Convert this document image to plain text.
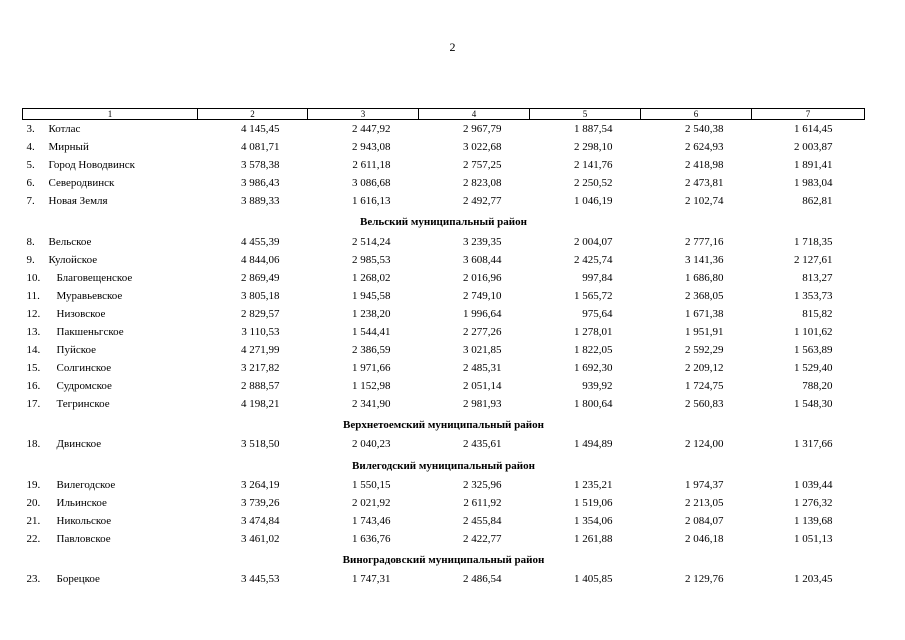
2
1	2	3	4	5	6	7
3. Котлас	4 145,45	2 447,92	2 967,79	1 887,54	2 540,38	1 614,45
4. Мирный	4 081,71	2 943,08	3 022,68	2 298,10	2 624,93	2 003,87
5. Город Новодвинск	3 578,38	2 611,18	2 757,25	2 141,76	2 418,98	1 891,41
6. Северодвинск	3 986,43	3 086,68	2 823,08	2 250,52	2 473,81	1 983,04
7. Новая Земля	3 889,33	1 616,13	2 492,77	1 046,19	2 102,74	862,81
Вельский муниципальный район						
8. Вельское	4 455,39	2 514,24	3 239,35	2 004,07	2 777,16	1 718,35
9. Кулойское	4 844,06	2 985,53	3 608,44	2 425,74	3 141,36	2 127,61
10. Благовещенское	2 869,49	1 268,02	2 016,96	997,84	1 686,80	813,27
11. Муравьевское	3 805,18	1 945,58	2 749,10	1 565,72	2 368,05	1 353,73
12. Низовское	2 829,57	1 238,20	1 996,64	975,64	1 671,38	815,82
13. Пакшеньгское	3 110,53	1 544,41	2 277,26	1 278,01	1 951,91	1 101,62
14. Пуйское	4 271,99	2 386,59	3 021,85	1 822,05	2 592,29	1 563,89
15. Солгинское	3 217,82	1 971,66	2 485,31	1 692,30	2 209,12	1 529,40
16. Судромское	2 888,57	1 152,98	2 051,14	939,92	1 724,75	788,20
17. Тегринское	4 198,21	2 341,90	2 981,93	1 800,64	2 560,83	1 548,30
Верхнетоемский муниципальный район						
18. Двинское	3 518,50	2 040,23	2 435,61	1 494,89	2 124,00	1 317,66
Вилегодский муниципальный район						
19. Вилегодское	3 264,19	1 550,15	2 325,96	1 235,21	1 974,37	1 039,44
20. Ильинское	3 739,26	2 021,92	2 611,92	1 519,06	2 213,05	1 276,32
21. Никольское	3 474,84	1 743,46	2 455,84	1 354,06	2 084,07	1 139,68
22. Павловское	3 461,02	1 636,76	2 422,77	1 261,88	2 046,18	1 051,13
Виноградовский муниципальный район						
23. Борецкое	3 445,53	1 747,31	2 486,54	1 405,85	2 129,76	1 203,45
